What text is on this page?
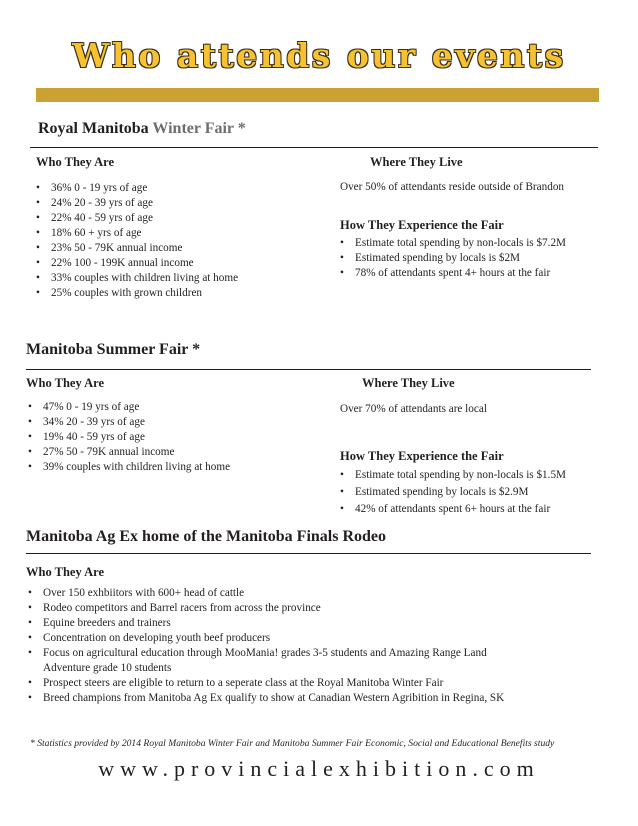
Who attends our events
Royal Manitoba Winter Fair *
Who They Are	Where They Live
• 36% 0 - 19 yrs of age
• 24% 20 - 39 yrs of age
• 22% 40 - 59 yrs of age
• 18% 60 + yrs of age
• 23% 50 - 79K annual income
• 22% 100 - 199K annual income
• 33% couples with children living at home
• 25% couples with grown children
Over 50% of attendants reside outside of Brandon
How They Experience the Fair
• Estimate total spending by non-locals is $7.2M
• Estimated spending by locals is $2M
• 78% of attendants spent 4+ hours at the fair
Manitoba Summer Fair *
Who They Are	Where They Live
• 47% 0 - 19 yrs of age
• 34% 20 - 39 yrs of age
• 19% 40 - 59 yrs of age
• 27% 50 - 79K annual income
• 39% couples with children living at home
Over 70% of attendants are local
How They Experience the Fair
• Estimate total spending by non-locals is $1.5M
• Estimated spending by locals is $2.9M
• 42% of attendants spent 6+ hours at the fair
Manitoba Ag Ex home of the Manitoba Finals Rodeo
Who They Are
• Over 150 exhbiitors with 600+ head of cattle
• Rodeo competitors and Barrel racers from across the province
• Equine breeders and trainers
• Concentration on developing youth beef producers
• Focus on agricultural education through MooMania! grades 3-5 students and Amazing Range Land
Adventure grade 10 students
• Prospect steers are eligible to return to a seperate class at the Royal Manitoba Winter Fair
• Breed champions from Manitoba Ag Ex qualify to show at Canadian Western Agribition in Regina, SK
* Statistics provided by 2014 Royal Manitoba Winter Fair and Manitoba Summer Fair Economic, Social and Educational Benefits study
www.provincialexhibition.com
